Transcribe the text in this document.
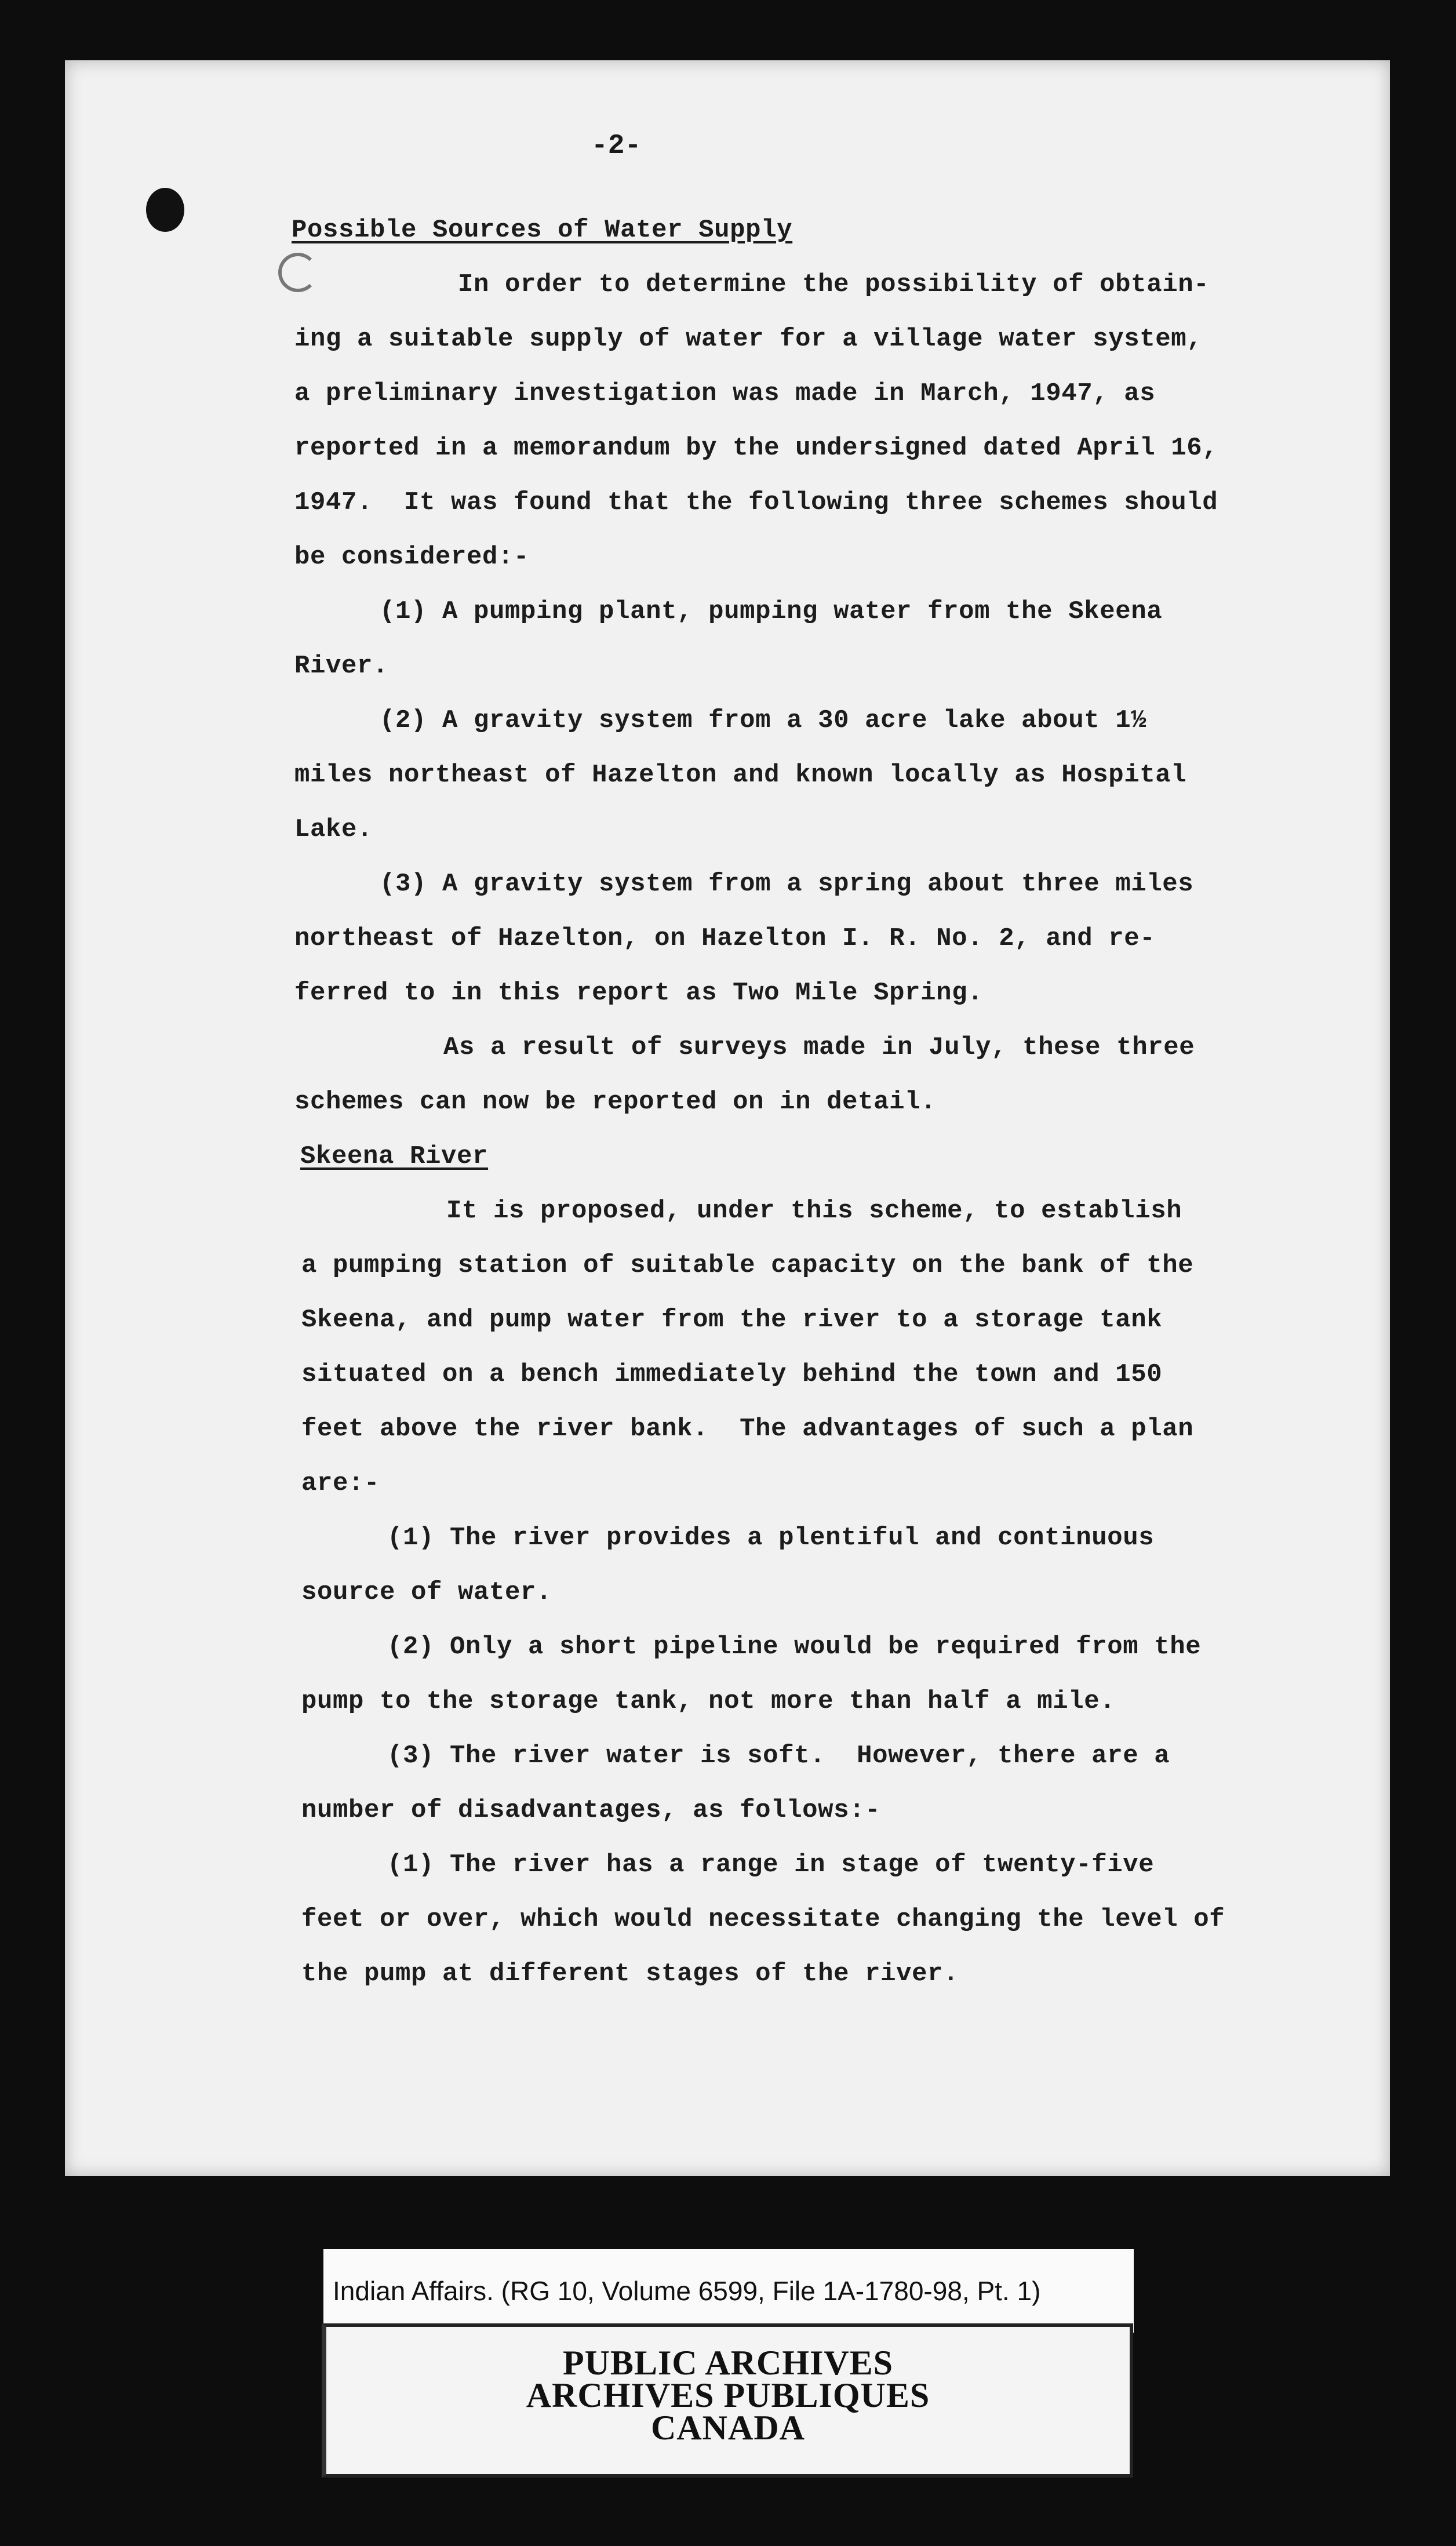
-2-
Possible Sources of Water Supply
In order to determine the possibility of obtain-
ing a suitable supply of water for a village water system,
a preliminary investigation was made in March, 1947, as
reported in a memorandum by the undersigned dated April 16,
1947.  It was found that the following three schemes should
be considered:-
(1) A pumping plant, pumping water from the Skeena
River.
(2) A gravity system from a 30 acre lake about 1½
miles northeast of Hazelton and known locally as Hospital
Lake.
(3) A gravity system from a spring about three miles
northeast of Hazelton, on Hazelton I. R. No. 2, and re-
ferred to in this report as Two Mile Spring.
As a result of surveys made in July, these three
schemes can now be reported on in detail.
Skeena River
It is proposed, under this scheme, to establish
a pumping station of suitable capacity on the bank of the
Skeena, and pump water from the river to a storage tank
situated on a bench immediately behind the town and 150
feet above the river bank.  The advantages of such a plan
are:-
(1) The river provides a plentiful and continuous
source of water.
(2) Only a short pipeline would be required from the
pump to the storage tank, not more than half a mile.
(3) The river water is soft.  However, there are a
number of disadvantages, as follows:-
(1) The river has a range in stage of twenty-five
feet or over, which would necessitate changing the level of
the pump at different stages of the river.
Indian Affairs. (RG 10, Volume 6599, File 1A-1780-98, Pt. 1)
PUBLIC ARCHIVES
ARCHIVES PUBLIQUES
CANADA
